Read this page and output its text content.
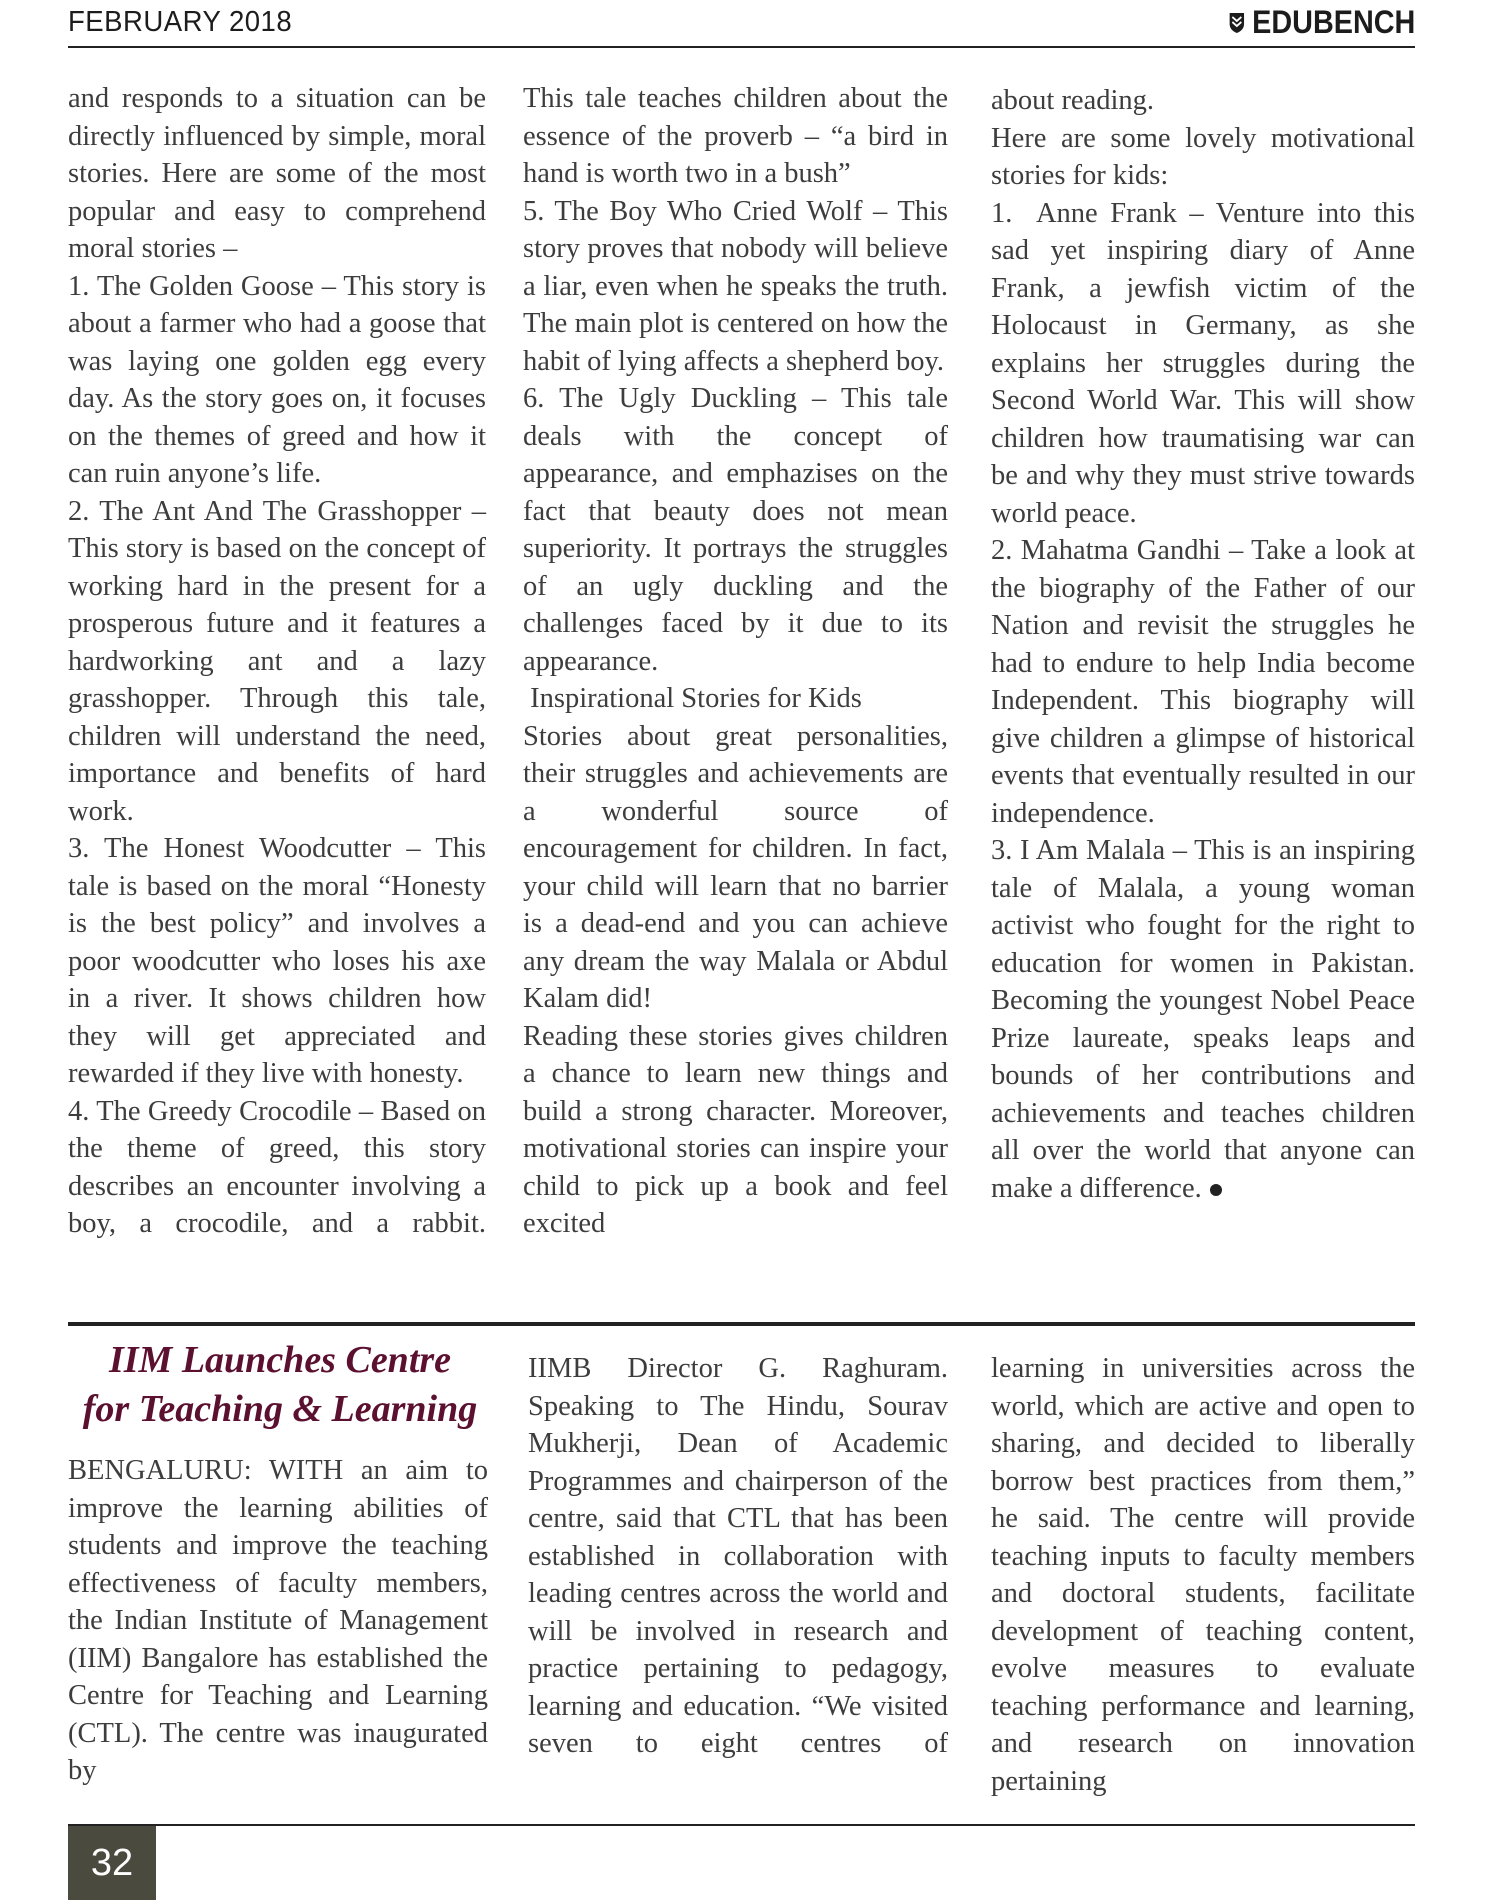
FEBRUARY 2018	EDUBENCH

and responds to a situation can be directly influenced by simple, moral stories. Here are some of the most popular and easy to comprehend moral stories –

1. The Golden Goose – This story is about a farmer who had a goose that was laying one golden egg every day. As the story goes on, it focuses on the themes of greed and how it can ruin anyone’s life.

2. The Ant And The Grasshopper – This story is based on the concept of working hard in the present for a prosperous future and it features a hardworking ant and a lazy grasshopper. Through this tale, children will understand the need, importance and benefits of hard work.

3. The Honest Woodcutter – This tale is based on the moral “Honesty is the best policy” and involves a poor woodcutter who loses his axe in a river. It shows children how they will get appreciated and rewarded if they live with honesty.

4. The Greedy Crocodile – Based on the theme of greed, this story describes an encounter involving a boy, a crocodile, and a rabbit.

This tale teaches children about the essence of the proverb – “a bird in hand is worth two in a bush”

5. The Boy Who Cried Wolf – This story proves that nobody will believe a liar, even when he speaks the truth. The main plot is centered on how the habit of lying affects a shepherd boy.

6. The Ugly Duckling – This tale deals with the concept of appearance, and emphazises on the fact that beauty does not mean superiority. It portrays the struggles of an ugly duckling and the challenges faced by it due to its appearance.

Inspirational Stories for Kids

Stories about great personalities, their struggles and achievements are a wonderful source of encouragement for children. In fact, your child will learn that no barrier is a dead-end and you can achieve any dream the way Malala or Abdul Kalam did!

Reading these stories gives children a chance to learn new things and build a strong character. Moreover, motivational stories can inspire your child to pick up a book and feel excited

about reading.

Here are some lovely motivational stories for kids:

1.  Anne Frank – Venture into this sad yet inspiring diary of Anne Frank, a jewfish victim of the Holocaust in Germany, as she explains her struggles during the Second World War. This will show children how traumatising war can be and why they must strive towards world peace.

2. Mahatma Gandhi – Take a look at the biography of the Father of our Nation and revisit the struggles he had to endure to help India become Independent. This biography will give children a glimpse of historical events that eventually resulted in our independence.

3. I Am Malala – This is an inspiring tale of Malala, a young woman activist who fought for the right to education for women in Pakistan. Becoming the youngest Nobel Peace Prize laureate, speaks leaps and bounds of her contributions and achievements and teaches children all over the world that anyone can make a difference.

IIM Launches Centre
for Teaching & Learning

BENGALURU: WITH an aim to improve the learning abilities of students and improve the teaching effectiveness of faculty members, the Indian Institute of Management (IIM) Bangalore has established the Centre for Teaching and Learning (CTL). The centre was inaugurated by

IIMB Director G. Raghuram. Speaking to The Hindu, Sourav Mukherji, Dean of Academic Programmes and chairperson of the centre, said that CTL that has been established in collaboration with leading centres across the world and will be involved in research and practice pertaining to pedagogy, learning and education. “We visited seven to eight centres of

learning in universities across the world, which are active and open to sharing, and decided to liberally borrow best practices from them,” he said. The centre will provide teaching inputs to faculty members and doctoral students, facilitate development of teaching content, evolve measures to evaluate teaching performance and learning, and research on innovation pertaining

32
